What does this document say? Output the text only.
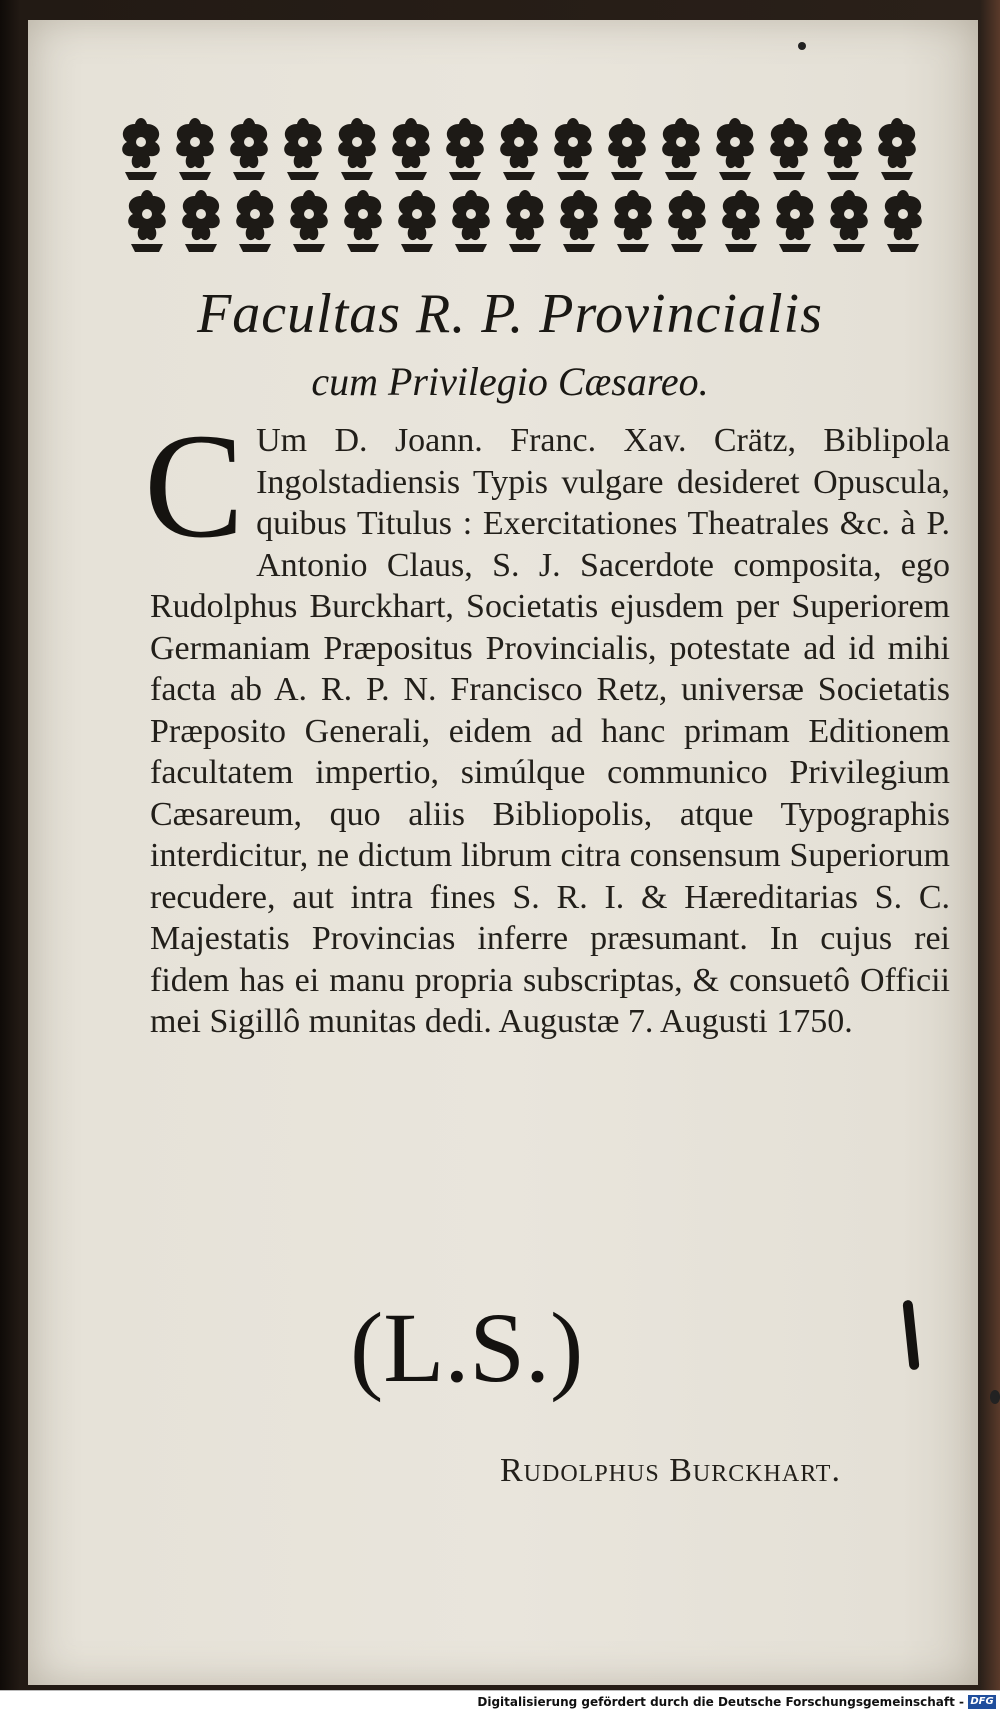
Facultas R. P. Provincialis
cum Privilegio Cæsareo.
C Um D. Joann. Franc. Xav. Crätz, Biblipola Ingolstadiensis Typis vulgare desideret Opuscula, quibus Titulus : Exercitationes Theatrales &c. à P. Antonio Claus, S. J. Sacerdote composita, ego Rudolphus Burckhart, Societatis ejusdem per Superiorem Germaniam Præpositus Provincialis, potestate ad id mihi facta ab A. R. P. N. Francisco Retz, universæ Societatis Præposito Generali, eidem ad hanc primam Editionem facultatem impertio, simúlque communico Privilegium Cæsareum, quo aliis Bibliopolis, atque Typographis interdicitur, ne dictum librum citra consensum Superiorum recudere, aut intra fines S. R. I. & Hæreditarias S. C. Majestatis Provincias inferre præsumant. In cujus rei fidem has ei manu propria subscriptas, & consuetô Officii mei Sigillô munitas dedi. Augustæ 7. Augusti 1750.
(L.S.)
Rudolphus Burckhart.
Digitalisierung gefördert durch die Deutsche Forschungsgemeinschaft - DFG
